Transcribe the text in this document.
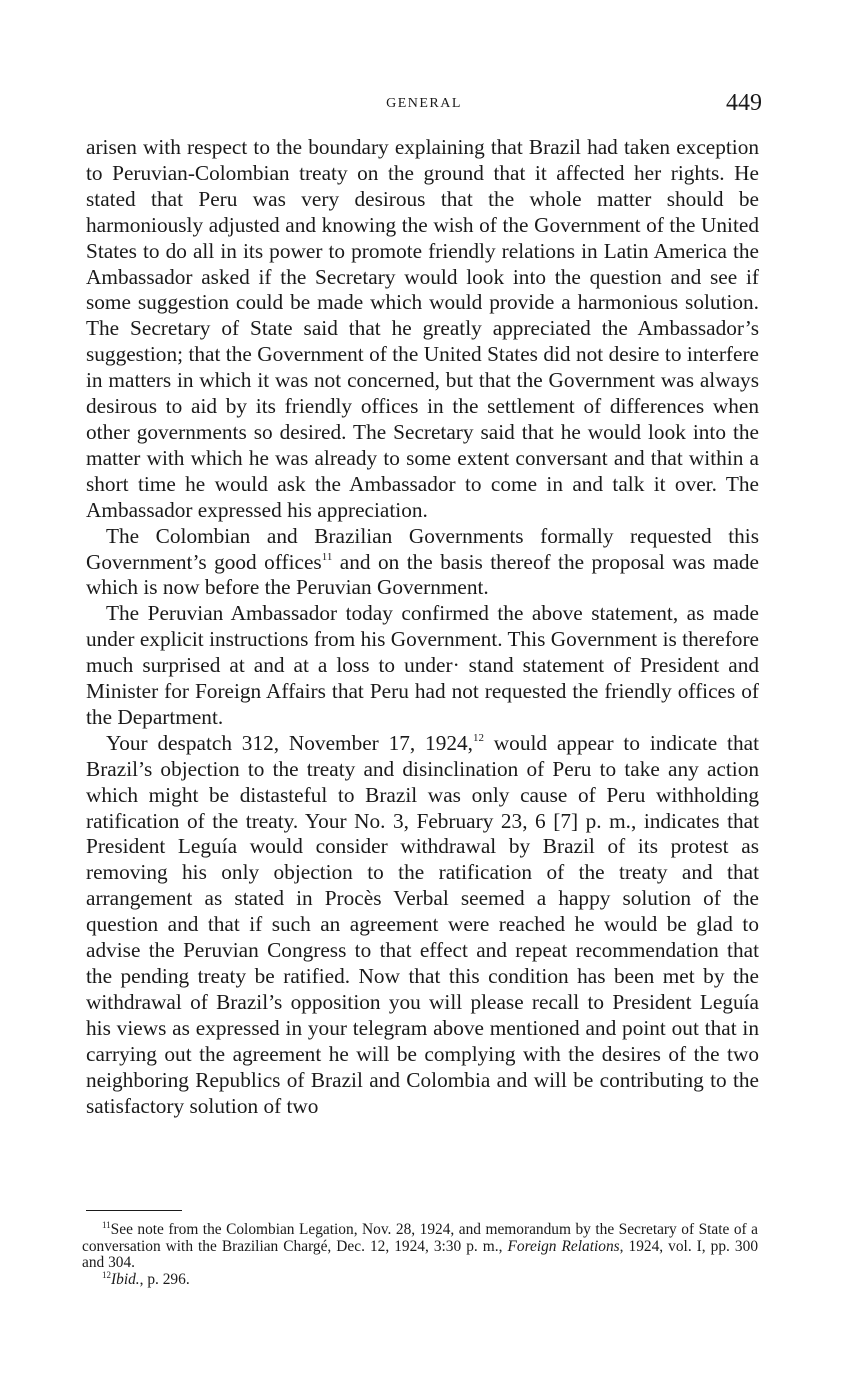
GENERAL	449

arisen with respect to the boundary explaining that Brazil had taken exception to Peruvian-Colombian treaty on the ground that it affected her rights. He stated that Peru was very desirous that the whole matter should be harmoniously adjusted and knowing the wish of the Government of the United States to do all in its power to promote friendly relations in Latin America the Ambassador asked if the Secretary would look into the question and see if some suggestion could be made which would provide a harmonious solution. The Secretary of State said that he greatly appreciated the Ambassador’s suggestion; that the Government of the United States did not desire to interfere in matters in which it was not concerned, but that the Government was always desirous to aid by its friendly offices in the settlement of differences when other governments so desired. The Secretary said that he would look into the matter with which he was already to some extent conversant and that within a short time he would ask the Ambassador to come in and talk it over. The Ambassador expressed his appreciation.

The Colombian and Brazilian Governments formally requested this Government’s good offices$^{11}$ and on the basis thereof the proposal was made which is now before the Peruvian Government.

The Peruvian Ambassador today confirmed the above statement, as made under explicit instructions from his Government. This Government is therefore much surprised at and at a loss to under· stand statement of President and Minister for Foreign Affairs that Peru had not requested the friendly offices of the Department.

Your despatch 312, November 17, 1924,12 would appear to indicate that Brazil’s objection to the treaty and disinclination of Peru to take any action which might be distasteful to Brazil was only cause of Peru withholding ratification of the treaty. Your No. 3, February 23, 6 [7] p. m., indicates that President Leguía would consider withdrawal by Brazil of its protest as removing his only objection to the ratification of the treaty and that arrangement as stated in Procès Verbal seemed a happy solution of the question and that if such an agreement were reached he would be glad to advise the Peruvian Congress to that effect and repeat recommendation that the pending treaty be ratified. Now that this condition has been met by the withdrawal of Brazil’s opposition you will please recall to President Leguía his views as expressed in your telegram above mentioned and point out that in carrying out the agreement he will be complying with the desires of the two neighboring Republics of Brazil and Colombia and will be contributing to the satisfactory solution of two

$^{11}$See note from the Colombian Legation, Nov. 28, 1924, and memorandum by the Secretary of State of a conversation with the Brazilian Chargé, Dec. 12, 1924, 3:30 p. m., Foreign Relations, 1924, vol. I, pp. 300 and 304.

$^{12}$Ibid., p. 296.
